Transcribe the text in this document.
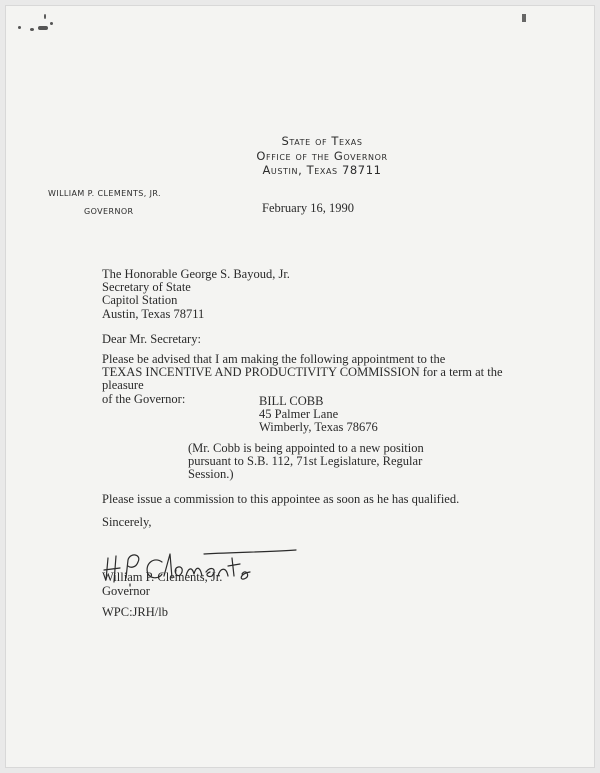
State of Texas
Office of the Governor
Austin, Texas 78711
WILLIAM P. CLEMENTS, JR.
GOVERNOR	February 16, 1990
The Honorable George S. Bayoud, Jr.
Secretary of State
Capitol Station
Austin, Texas 78711
Dear Mr. Secretary:
Please be advised that I am making the following appointment to the
TEXAS INCENTIVE AND PRODUCTIVITY COMMISSION for a term at the pleasure
of the Governor:	BILL COBB
45 Palmer Lane
Wimberly, Texas 78676
(Mr. Cobb is being appointed to a new position
pursuant to S.B. 112, 71st Legislature, Regular
Session.)
Please issue a commission to this appointee as soon as he has qualified.
Sincerely,
William P. Clements, Jr.
Governor
WPC:JRH/lb
